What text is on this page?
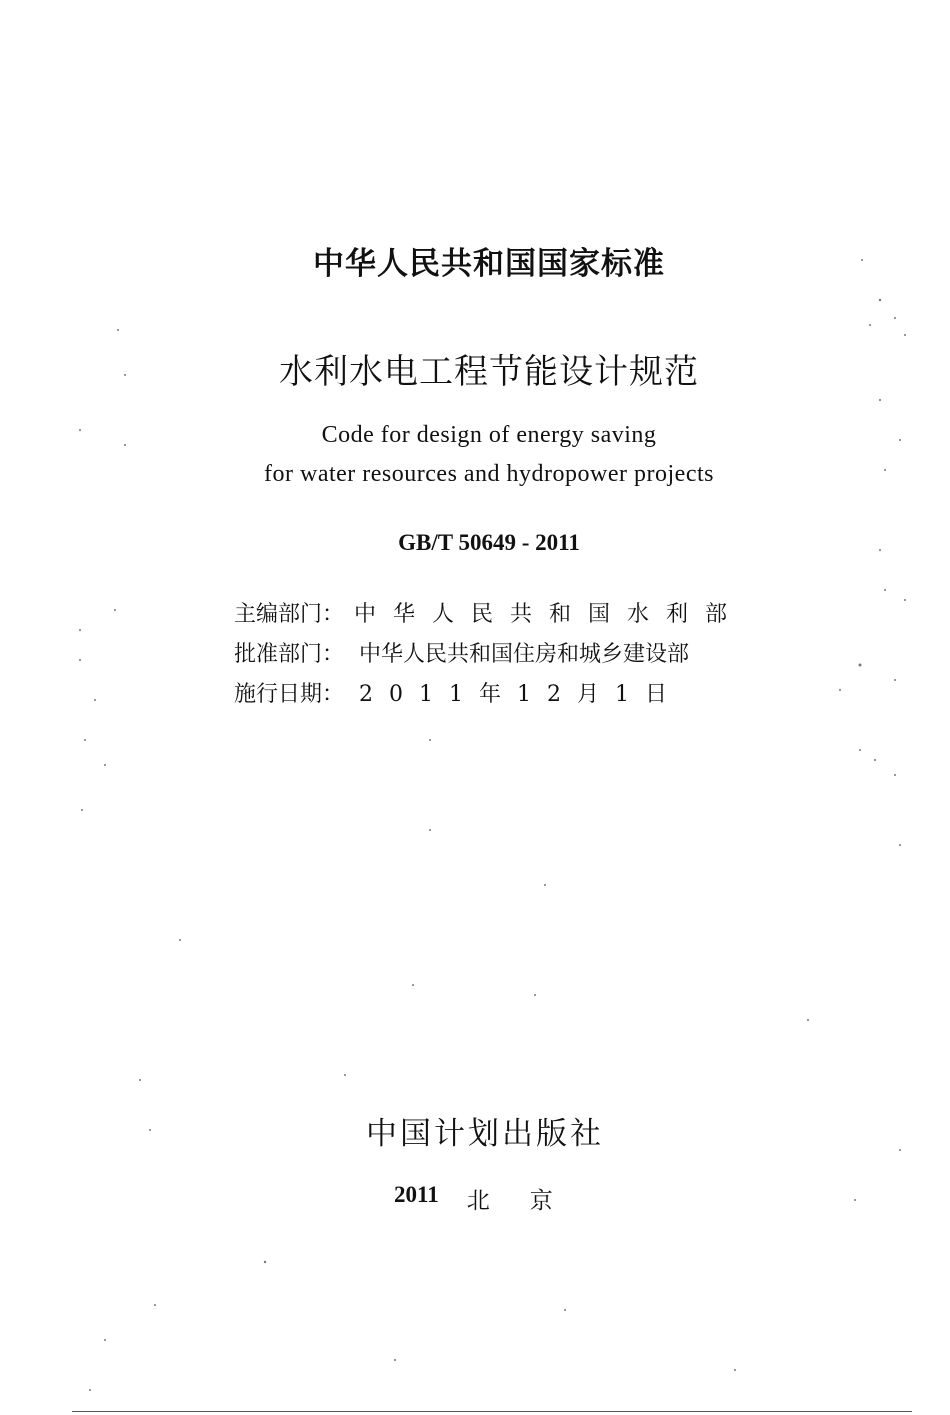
中华人民共和国国家标准
水利水电工程节能设计规范
Code for design of energy saving
for water resources and hydropower projects
GB/T 50649 - 2011
主编部门： 中华人民共和国水利部
批准部门： 中华人民共和国住房和城乡建设部
施行日期： 2011年12月1日
中国计划出版社
2011 北京
